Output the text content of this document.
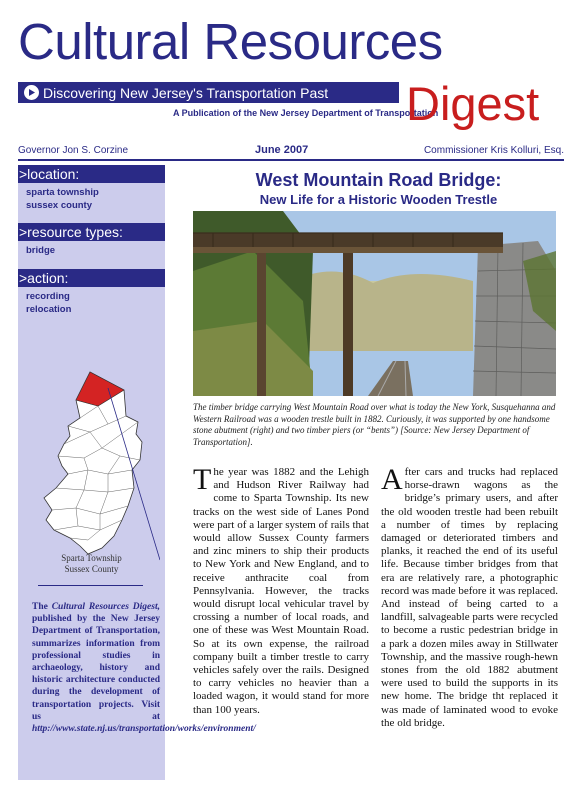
Cultural Resources
Discovering New Jersey's Transportation Past
A Publication of the New Jersey Department of Transportation
Digest
Governor Jon S. Corzine	June 2007	Commissioner Kris Kolluri, Esq.
>location:
sparta township
sussex county
>resource types:
bridge
>action:
recording
relocation
Sparta Township
Sussex County
The Cultural Resources Digest, published by the New Jersey Department of Transportation, summarizes information from professional studies in archaeology, history and historic architecture conducted during the development of transportation projects. Visit us at http://www.state.nj.us/transportation/works/environment/
West Mountain Road Bridge:
New Life for a Historic Wooden Trestle
The timber bridge carrying West Mountain Road over what is today the New York, Susquehanna and Western Railroad was a wooden trestle built in 1882. Curiously, it was supported by one handsome stone abutment (right) and two timber piers (or “bents”) [Source: New Jersey Department of Transportation].
The year was 1882 and the Lehigh and Hudson River Railway had come to Sparta Township. Its new tracks on the west side of Lanes Pond were part of a larger system of rails that would allow Sussex County farmers and zinc miners to ship their products to New York and New England, and to receive anthracite coal from Pennsylvania. However, the tracks would disrupt local vehicular travel by crossing a number of local roads, and one of these was West Mountain Road. So at its own expense, the railroad company built a timber trestle to carry vehicles safely over the rails. Designed to carry vehicles no heavier than a loaded wagon, it would stand for more than 100 years.
After cars and trucks had replaced horse-drawn wagons as the bridge’s primary users, and after the old wooden trestle had been rebuilt a number of times by replacing damaged or deteriorated timbers and planks, it reached the end of its useful life. Because timber bridges from that era are relatively rare, a photographic record was made before it was replaced. And instead of being carted to a landfill, salvageable parts were recycled to become a rustic pedestrian bridge in a park a dozen miles away in Stillwater Township, and the massive rough-hewn stones from the old 1882 abutment were used to build the supports in its new home. The bridge tht replaced it was made of laminated wood to evoke the old bridge.
